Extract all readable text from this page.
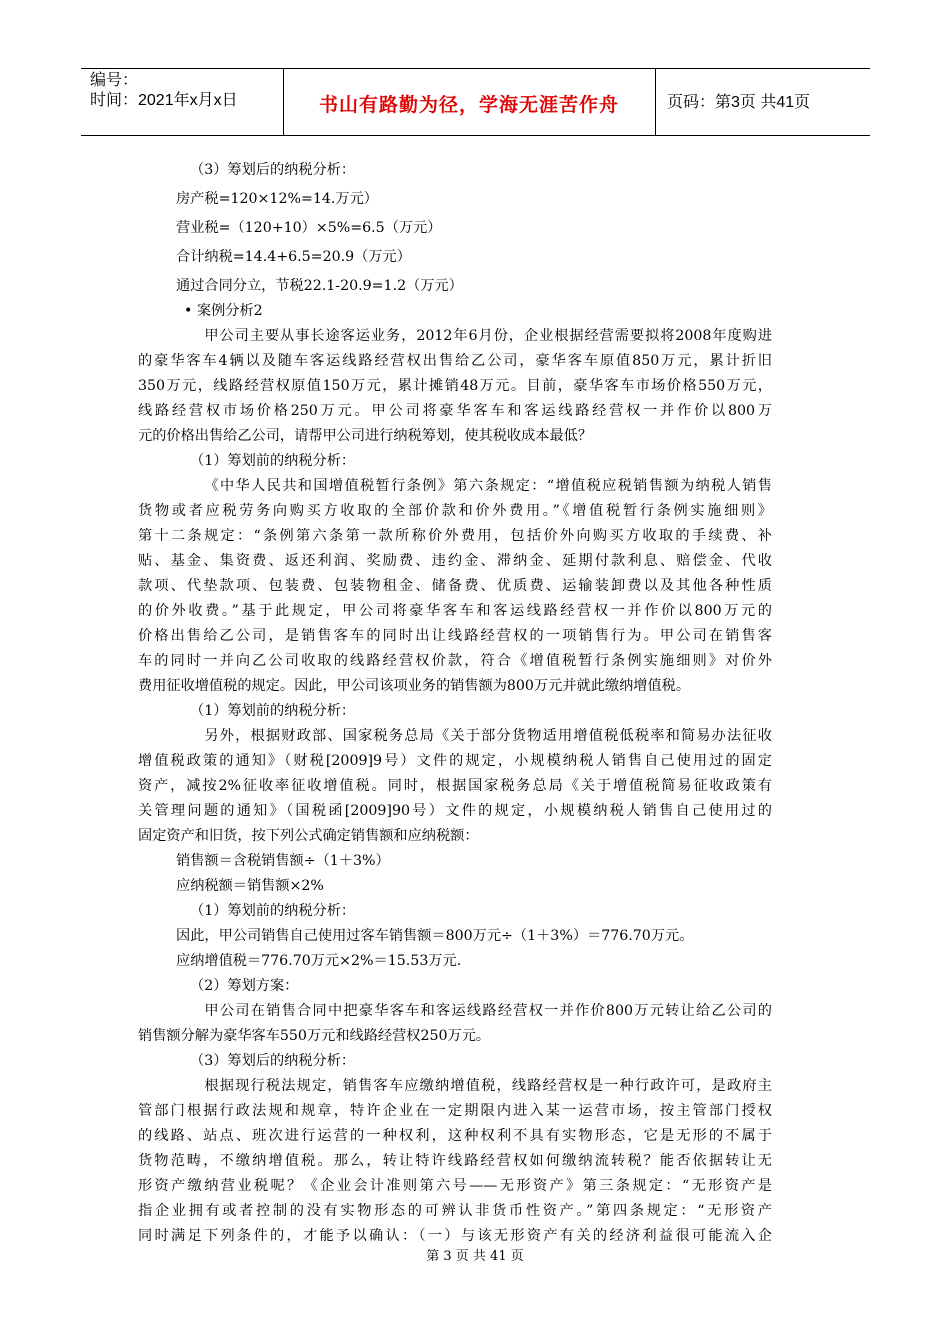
编号：
时间：2021年x月x日	书山有路勤为径，学海无涯苦作舟	页码：第3页 共41页

（3）筹划后的纳税分析：

房产税=120×12%=14.万元）

营业税=（120+10）×5%=6.5（万元）

合计纳税=14.4+6.5=20.9（万元）

通过合同分立，节税22.1-20.9=1.2（万元）

• 案例分析2

甲公司主要从事长途客运业务，2012年6月份，企业根据经营需要拟将2008年度购进

的豪华客车4辆以及随车客运线路经营权出售给乙公司，豪华客车原值850万元，累计折旧

350万元，线路经营权原值150万元，累计摊销48万元。目前，豪华客车市场价格550万元，

线路经营权市场价格250万元。甲公司将豪华客车和客运线路经营权一并作价以800万

元的价格出售给乙公司，请帮甲公司进行纳税筹划，使其税收成本最低？

（1）筹划前的纳税分析：

《中华人民共和国增值税暂行条例》第六条规定：“增值税应税销售额为纳税人销售

货物或者应税劳务向购买方收取的全部价款和价外费用。”《增值税暂行条例实施细则》

第十二条规定：“条例第六条第一款所称价外费用，包括价外向购买方收取的手续费、补

贴、基金、集资费、返还利润、奖励费、违约金、滞纳金、延期付款利息、赔偿金、代收

款项、代垫款项、包装费、包装物租金、储备费、优质费、运输装卸费以及其他各种性质

的价外收费。”基于此规定，甲公司将豪华客车和客运线路经营权一并作价以800万元的

价格出售给乙公司，是销售客车的同时出让线路经营权的一项销售行为。甲公司在销售客

车的同时一并向乙公司收取的线路经营权价款，符合《增值税暂行条例实施细则》对价外

费用征收增值税的规定。因此，甲公司该项业务的销售额为800万元并就此缴纳增值税。

（1）筹划前的纳税分析：

另外，根据财政部、国家税务总局《关于部分货物适用增值税低税率和简易办法征收

增值税政策的通知》（财税[2009]9号）文件的规定，小规模纳税人销售自己使用过的固定

资产，减按2%征收率征收增值税。同时，根据国家税务总局《关于增值税简易征收政策有

关管理问题的通知》（国税函[2009]90号）文件的规定，小规模纳税人销售自己使用过的

固定资产和旧货，按下列公式确定销售额和应纳税额：

销售额＝含税销售额÷（1＋3%）

应纳税额＝销售额×2%

（1）筹划前的纳税分析：

因此，甲公司销售自己使用过客车销售额＝800万元÷（1＋3%）＝776.70万元。

应纳增值税＝776.70万元×2%＝15.53万元.

（2）筹划方案：

甲公司在销售合同中把豪华客车和客运线路经营权一并作价800万元转让给乙公司的

销售额分解为豪华客车550万元和线路经营权250万元。

（3）筹划后的纳税分析：

根据现行税法规定，销售客车应缴纳增值税，线路经营权是一种行政许可，是政府主

管部门根据行政法规和规章，特许企业在一定期限内进入某一运营市场，按主管部门授权

的线路、站点、班次进行运营的一种权利，这种权利不具有实物形态，它是无形的不属于

货物范畴，不缴纳增值税。那么，转让特许线路经营权如何缴纳流转税？能否依据转让无

形资产缴纳营业税呢？《企业会计准则第六号——无形资产》第三条规定：“无形资产是

指企业拥有或者控制的没有实物形态的可辨认非货币性资产。”第四条规定：“无形资产

同时满足下列条件的，才能予以确认：（一）与该无形资产有关的经济利益很可能流入企

第 3 页 共 41 页
